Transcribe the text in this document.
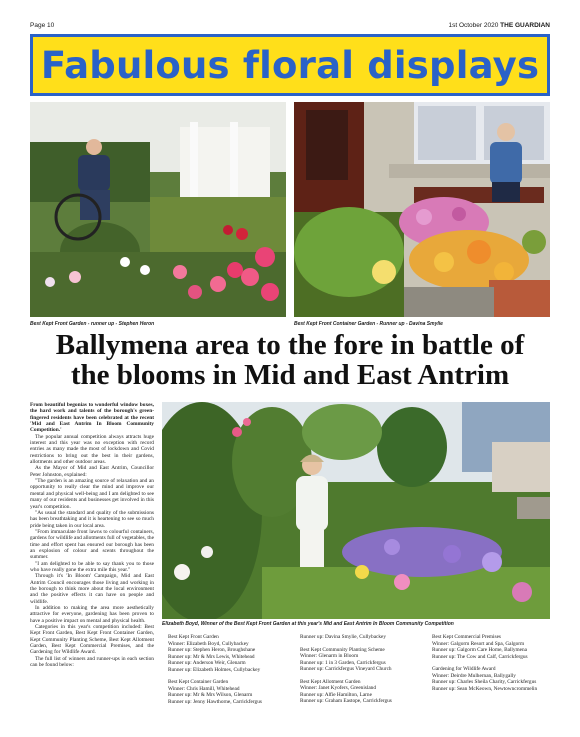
Page 10	1st October 2020 THE GUARDIAN
Fabulous floral displays
Best Kept Front Garden - runner up - Stephen Heron	Best Kept Front Container Garden - Runner up - Davina Smylie
Ballymena area to the fore in battle of
the blooms in Mid and East Antrim

From beautiful begonias to wonderful window boxes, the hard work and talents of the borough's green-fingered residents have been celebrated at the recent 'Mid and East Antrim In Bloom Community Competition.'

The popular annual competition always attracts huge interest and this year was no exception with record entries as many made the most of lockdown and Covid restrictions to bring out the best in their gardens, allotments and other outdoor areas.

As the Mayor of Mid and East Antrim, Councillor Peter Johnston, explained:

"The garden is an amazing source of relaxation and an opportunity to really clear the mind and improve our mental and physical well-being and I am delighted to see many of our residents and businesses get involved in this year's competition.

"As usual the standard and quality of the submissions has been breathtaking and it is heartening to see so much pride being taken in our local area.

"From immaculate front lawns to colourful containers, gardens for wildlife and allotments full of vegetables, the time and effort spent has ensured our borough has been an explosion of colour and scents throughout the summer.

"I am delighted to be able to say thank you to those who have really gone the extra mile this year."

Through it's 'In Bloom' Campaign, Mid and East Antrim Council encourages those living and working in the borough to think more about the local environment and the positive effects it can have on people and wildlife.

In addition to making the area more aesthetically attractive for everyone, gardening has been proven to have a positive impact on mental and physical health.

Categories in this year's competition included: Best Kept Front Garden, Best Kept Front Container Garden, Kept Community Planting Scheme, Best Kept Allotment Garden, Best Kept Commercial Premises, and the Gardening for Wildlife Award.

The full list of winners and runner-ups in each section can be found below:

Elizabeth Boyd, Winner of the Best Kept Front Garden at this year's Mid and East Antrim In Bloom Community Competition
Best Kept Front Garden
Winner: Elizabeth Boyd, Cullybackey
Runner up: Stephen Heron, Broughshane
Runner up: Mr & Mrs Lewis, Whitehead
Runner up: Anderson Weir, Glenarm
Runner up: Elizabeth Holmes, Cullybackey
Best Kept Container Garden
Winner: Chris Hamill, Whitehead
Runner up: Mr & Mrs Wilson, Glenarm
Runner up: Jenny Hawthorne, Carrickfergus
Runner up: Davina Smylie, Cullybackey
Best Kept Community Planting Scheme
Winner: Glenarm in Bloom
Runner up: 1 in 3 Garden, Carrickfergus
Runner up: Carrickfergus Vineyard Church
Best Kept Allotment Garden
Winner: Janet Kyofers, Greenisland
Runner up: Alfie Hamilton, Larne
Runner up: Graham Eastope, Carrickfergus
Best Kept Commercial Premises
Winner: Galgorm Resort and Spa, Galgorm
Runner up: Galgorm Care Home, Ballymena
Runner up: The Cow and Calf, Carrickfergus
Gardening for Wildlife Award
Winner: Deirdre Mulhernan, Ballygally
Runner up: Charles Sheila Charity, Carrickfergus
Runner up: Sean McKeown, Newtowncrommelin
